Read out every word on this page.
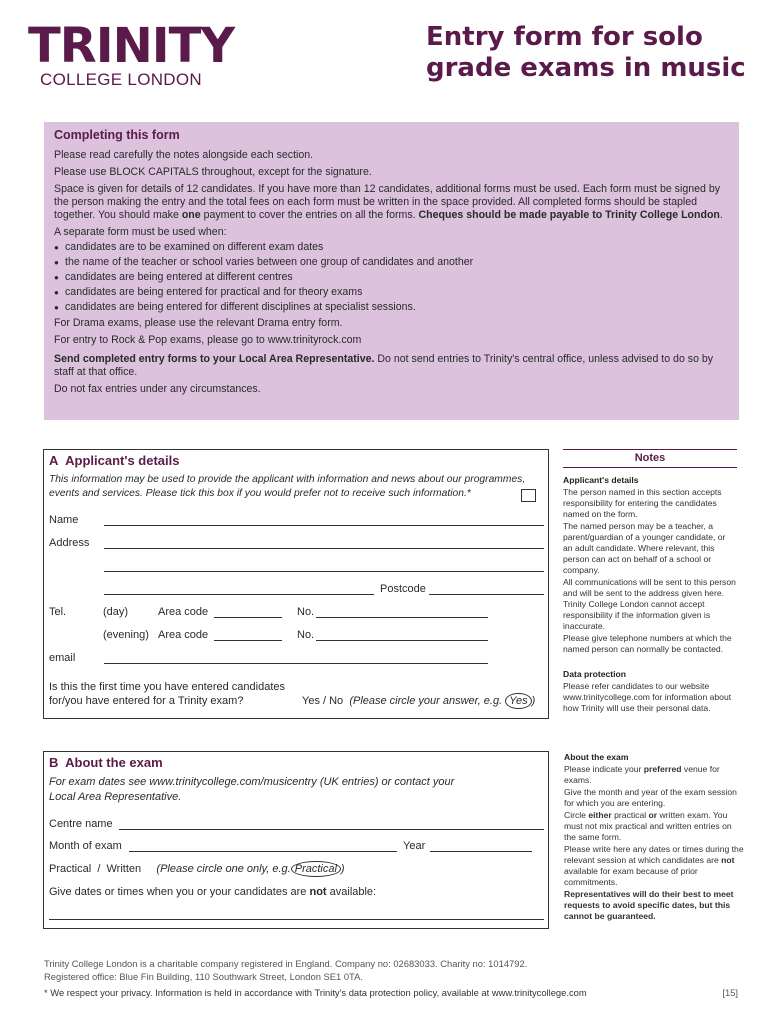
TRINITY
COLLEGE LONDON
Entry form for solo
grade exams in music
Completing this form

Please read carefully the notes alongside each section.

Please use BLOCK CAPITALS throughout, except for the signature.

Space is given for details of 12 candidates. If you have more than 12 candidates, additional forms must be used. Each form must be signed by the person making the entry and the total fees on each form must be written in the space provided. All completed forms should be stapled together. You should make one payment to cover the entries on all the forms. Cheques should be made payable to Trinity College London.

A separate form must be used when:

● candidates are to be examined on different exam dates
● the name of the teacher or school varies between one group of candidates and another
● candidates are being entered at different centres
● candidates are being entered for practical and for theory exams
● candidates are being entered for different disciplines at specialist sessions.

For Drama exams, please use the relevant Drama entry form.

For entry to Rock & Pop exams, please go to www.trinityrock.com

Send completed entry forms to your Local Area Representative. Do not send entries to Trinity's central office, unless advised to do so by staff at that office.

Do not fax entries under any circumstances.

A Applicant's details
This information may be used to provide the applicant with information and news about our programmes,
events and services. Please tick this box if you would prefer not to receive such information.*
Name
Address
Postcode
Tel.	(day)	Area code	No.
(evening) Area code	No.
email
Is this the first time you have entered candidates
for/you have entered for a Trinity exam?	Yes / No (Please circle your answer, e.g. Yes )
Notes
Applicant's details
The person named in this section accepts responsibility for entering the candidates named on the form.
The named person may be a teacher, a parent/guardian of a younger candidate, or an adult candidate. Where relevant, this person can act on behalf of a school or company.
All communications will be sent to this person and will be sent to the address given here. Trinity College London cannot accept responsibility if the information given is inaccurate.
Please give telephone numbers at which the named person can normally be contacted.
Data protection
Please refer candidates to our website www.trinitycollege.com for information about how Trinity will use their personal data.
B About the exam
For exam dates see www.trinitycollege.com/musicentry (UK entries) or contact your
Local Area Representative.
Centre name
Month of exam	Year
Practical / Written (Please circle one only, e.g. Practical )
Give dates or times when you or your candidates are not available:
About the exam
Please indicate your preferred venue for exams.
Give the month and year of the exam session for which you are entering.
Circle either practical or written exam. You must not mix practical and written entries on the same form.
Please write here any dates or times during the relevant session at which candidates are not available for exam because of prior commitments.
Representatives will do their best to meet requests to avoid specific dates, but this cannot be guaranteed.
Trinity College London is a charitable company registered in England. Company no: 02683033. Charity no: 1014792.
Registered office: Blue Fin Building, 110 Southwark Street, London SE1 0TA.
* We respect your privacy. Information is held in accordance with Trinity's data protection policy, available at www.trinitycollege.com	[15]
